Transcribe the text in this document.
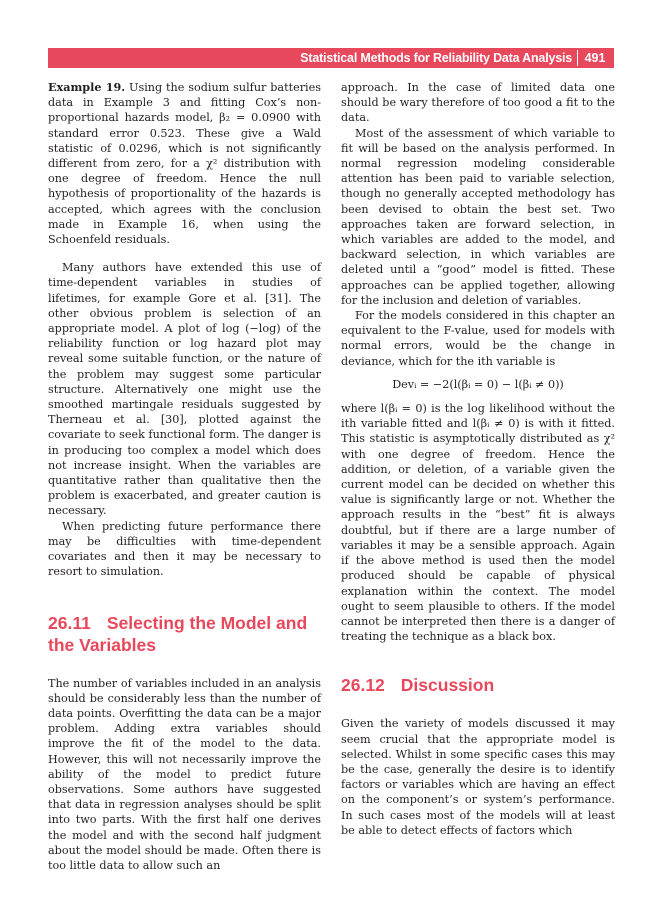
Statistical Methods for Reliability Data Analysis	491

Example 19. Using the sodium sulfur batteries data in Example 3 and fitting Cox’s non-proportional hazards model, β₂ = 0.0900 with standard error 0.523. These give a Wald statistic of 0.0296, which is not significantly different from zero, for a χ² distribution with one degree of freedom. Hence the null hypothesis of proportionality of the hazards is accepted, which agrees with the conclusion made in Example 16, when using the Schoenfeld residuals.

Many authors have extended this use of time-dependent variables in studies of lifetimes, for example Gore et al. [31]. The other obvious problem is selection of an appropriate model. A plot of log (−log) of the reliability function or log hazard plot may reveal some suitable function, or the nature of the problem may suggest some particular structure. Alternatively one might use the smoothed martingale residuals suggested by Therneau et al. [30], plotted against the covariate to seek functional form. The danger is in producing too complex a model which does not increase insight. When the variables are quantitative rather than qualitative then the problem is exacerbated, and greater caution is necessary.

When predicting future performance there may be difficulties with time-dependent covariates and then it may be necessary to resort to simulation.

26.11 Selecting the Model and the Variables

The number of variables included in an analysis should be considerably less than the number of data points. Overfitting the data can be a major problem. Adding extra variables should improve the fit of the model to the data. However, this will not necessarily improve the ability of the model to predict future observations. Some authors have suggested that data in regression analyses should be split into two parts. With the first half one derives the model and with the second half judgment about the model should be made. Often there is too little data to allow such an

approach. In the case of limited data one should be wary therefore of too good a fit to the data.

Most of the assessment of which variable to fit will be based on the analysis performed. In normal regression modeling considerable attention has been paid to variable selection, though no generally accepted methodology has been devised to obtain the best set. Two approaches taken are forward selection, in which variables are added to the model, and backward selection, in which variables are deleted until a “good” model is fitted. These approaches can be applied together, allowing for the inclusion and deletion of variables.

For the models considered in this chapter an equivalent to the F-value, used for models with normal errors, would be the change in deviance, which for the ith variable is

Devᵢ = −2(l(βᵢ = 0) − l(βᵢ ≠ 0))

where l(βᵢ = 0) is the log likelihood without the ith variable fitted and l(βᵢ ≠ 0) is with it fitted. This statistic is asymptotically distributed as χ² with one degree of freedom. Hence the addition, or deletion, of a variable given the current model can be decided on whether this value is significantly large or not. Whether the approach results in the “best” fit is always doubtful, but if there are a large number of variables it may be a sensible approach. Again if the above method is used then the model produced should be capable of physical explanation within the context. The model ought to seem plausible to others. If the model cannot be interpreted then there is a danger of treating the technique as a black box.

26.12 Discussion

Given the variety of models discussed it may seem crucial that the appropriate model is selected. Whilst in some specific cases this may be the case, generally the desire is to identify factors or variables which are having an effect on the component’s or system’s performance. In such cases most of the models will at least be able to detect effects of factors which
